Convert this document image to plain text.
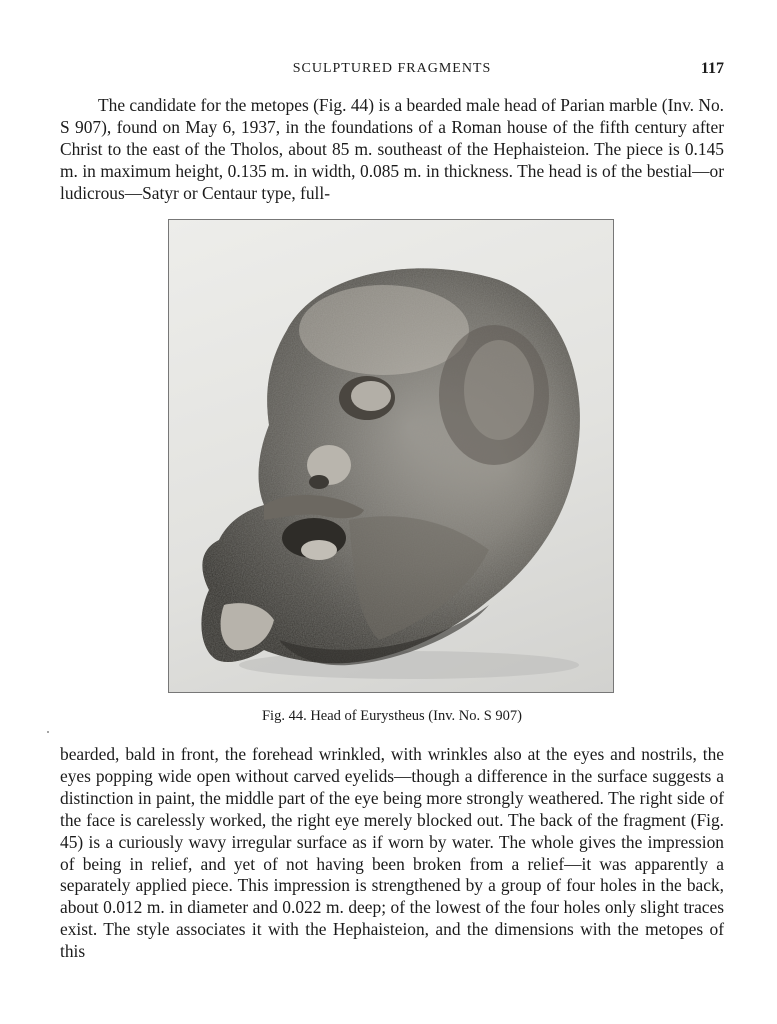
SCULPTURED FRAGMENTS	117

The candidate for the metopes (Fig. 44) is a bearded male head of Parian marble (Inv. No. S 907), found on May 6, 1937, in the foundations of a Roman house of the fifth century after Christ to the east of the Tholos, about 85 m. southeast of the Hephaisteion. The piece is 0.145 m. in maximum height, 0.135 m. in width, 0.085 m. in thickness. The head is of the bestial—or ludicrous—Satyr or Centaur type, full-

Fig. 44. Head of Eurystheus (Inv. No. S 907)

bearded, bald in front, the forehead wrinkled, with wrinkles also at the eyes and nostrils, the eyes popping wide open without carved eyelids—though a difference in the surface suggests a distinction in paint, the middle part of the eye being more strongly weathered. The right side of the face is carelessly worked, the right eye merely blocked out. The back of the fragment (Fig. 45) is a curiously wavy irregular surface as if worn by water. The whole gives the impression of being in relief, and yet of not having been broken from a relief—it was apparently a separately applied piece. This impression is strengthened by a group of four holes in the back, about 0.012 m. in diameter and 0.022 m. deep; of the lowest of the four holes only slight traces exist. The style associates it with the Hephaisteion, and the dimensions with the metopes of this
